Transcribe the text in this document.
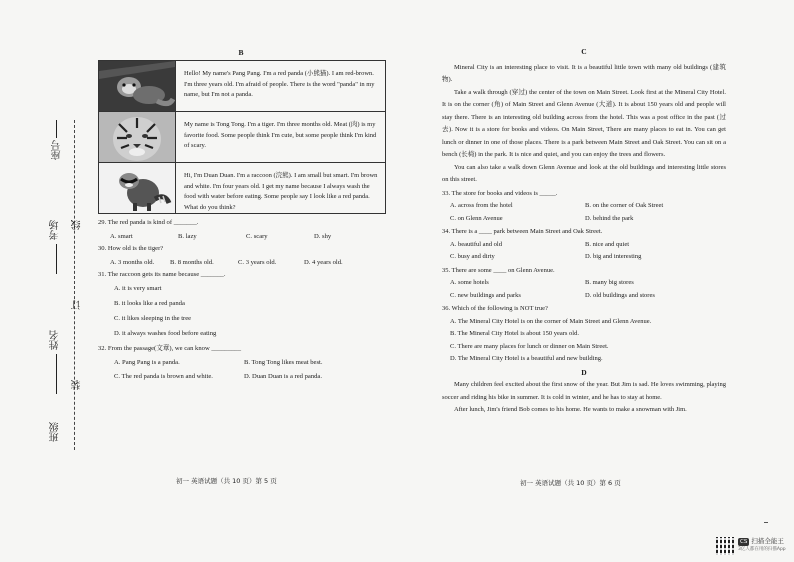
座号
考场
姓名
班级
线
订
装
B
Hello! My name's Pang Pang. I'm a red panda (小熊猫). I am red-brown. I'm three years old. I'm afraid of people. There is the word "panda" in my name, but I'm not a panda.
My name is Tong Tong. I'm a tiger. I'm three months old. Meat (肉) is my favorite food. Some people think I'm cute, but some people think I'm kind of scary.
Hi, I'm Duan Duan. I'm a raccoon (浣熊). I am small but smart. I'm brown and white. I'm four years old. I get my name because I always wash the food with water before eating. Some people say I look like a red panda. What do you think?
29. The red panda is kind of _______.
A. smart	B. lazy	C. scary	D. shy
30. How old is the tiger?
A. 3 months old.	B. 8 months old.	C. 3 years old.	D. 4 years old.
31. The raccoon gets its name because _______.
A. it is very smart
B. it looks like a red panda
C. it likes sleeping in the tree
D. it always washes food before eating
32. From the passage(文章), we can know _________
A. Pang Pang is a panda.	B. Tong Tong likes meat best.
C. The red panda is brown and white.	D. Duan Duan is a red panda.
初一 英语试题（共 10 页）第 5 页
C

Mineral City is an interesting place to visit. It is a beautiful little town with many old buildings (建筑物).

Take a walk through (穿过) the center of the town on Main Street. Look first at the Mineral City Hotel. It is on the corner (角) of Main Street and Glenn Avenue (大道). It is about 150 years old and people will stay there. There is an interesting old building across from the hotel. This was a post office in the past (过去). Now it is a store for books and videos. On Main Street, There are many places to eat in. You can get lunch or dinner in one of those places. There is a park between Main Street and Oak Street. You can sit on a bench (长椅) in the park. It is nice and quiet, and you can enjoy the trees and flowers.

You can also take a walk down Glenn Avenue and look at the old buildings and interesting little stores on this street.

33. The store for books and videos is _____.
A. across from the hotel	B. on the corner of Oak Street
C. on Glenn Avenue	D. behind the park
34. There is a ____ park between Main Street and Oak Street.
A. beautiful and old	B. nice and quiet
C. busy and dirty	D. big and interesting
35. There are some ____ on Glenn Avenue.
A. some hotels	B. many big stores
C. new buildings and parks	D. old buildings and stores
36. Which of the following is NOT true?
A. The Mineral City Hotel is on the corner of Main Street and Glenn Avenue.
B. The Mineral City Hotel is about 150 years old.
C. There are many places for lunch or dinner on Main Street.
D. The Mineral City Hotel is a beautiful and new building.
D

Many children feel excited about the first snow of the year. But Jim is sad. He loves swimming, playing soccer and riding his bike in summer. It is cold in winter, and he has to stay at home.

After lunch, Jim's friend Bob comes to his home. He wants to make a snowman with Jim.

初一 英语试题（共 10 页）第 6 页
CS 扫描全能王
3亿人都在用的扫描App
